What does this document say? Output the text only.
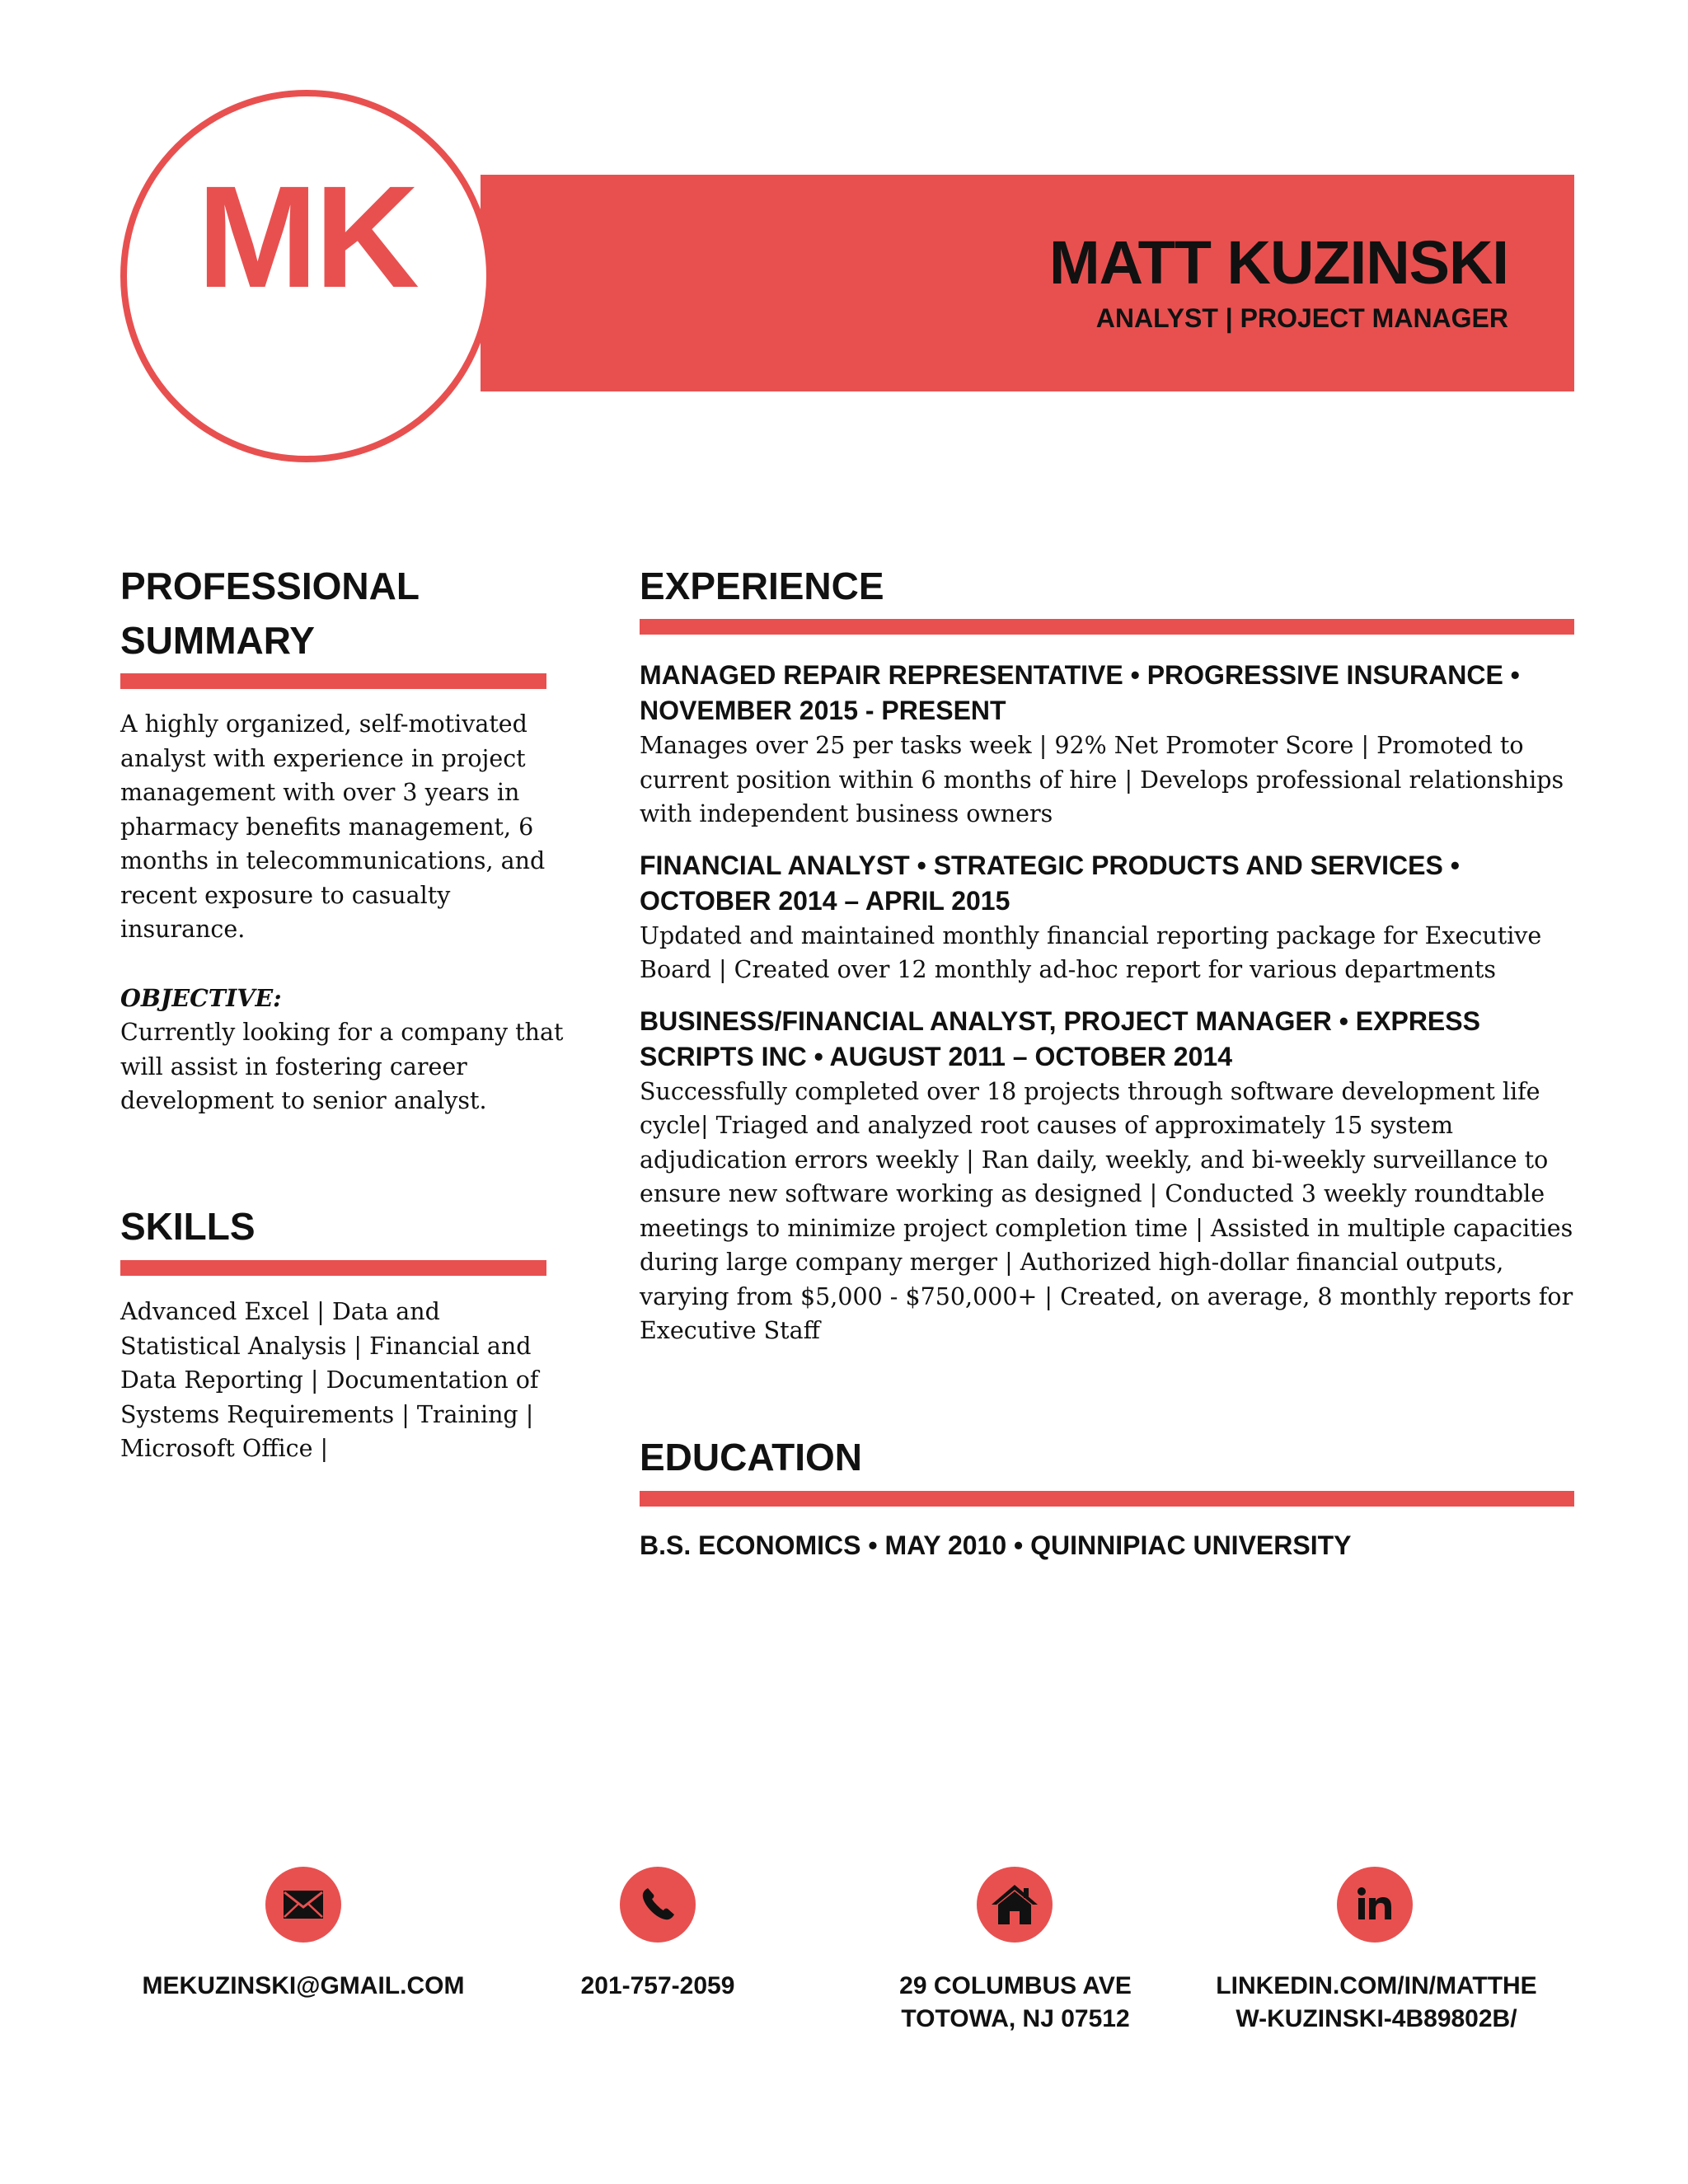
MK	MATT KUZINSKI
ANALYST | PROJECT MANAGER
PROFESSIONAL
SUMMARY
A highly organized, self-motivated analyst with experience in project management with over 3 years in pharmacy benefits management, 6 months in telecommunications, and recent exposure to casualty insurance.
OBJECTIVE:
Currently looking for a company that will assist in fostering career development to senior analyst.
SKILLS
Advanced Excel | Data and Statistical Analysis | Financial and Data Reporting | Documentation of Systems Requirements | Training | Microsoft Office |
EXPERIENCE
MANAGED REPAIR REPRESENTATIVE • PROGRESSIVE INSURANCE • NOVEMBER 2015 - PRESENT
Manages over 25 per tasks week | 92% Net Promoter Score | Promoted to current position within 6 months of hire | Develops professional relationships with independent business owners
FINANCIAL ANALYST • STRATEGIC PRODUCTS AND SERVICES • OCTOBER 2014 – APRIL 2015
Updated and maintained monthly financial reporting package for Executive Board | Created over 12 monthly ad-hoc report for various departments
BUSINESS/FINANCIAL ANALYST, PROJECT MANAGER • EXPRESS SCRIPTS INC • AUGUST 2011 – OCTOBER 2014
Successfully completed over 18 projects through software development life cycle| Triaged and analyzed root causes of approximately 15 system adjudication errors weekly | Ran daily, weekly, and bi-weekly surveillance to ensure new software working as designed | Conducted 3 weekly roundtable meetings to minimize project completion time | Assisted in multiple capacities during large company merger | Authorized high-dollar financial outputs, varying from $5,000 - $750,000+ | Created, on average, 8 monthly reports for Executive Staff
EDUCATION
B.S. ECONOMICS • MAY 2010 • QUINNIPIAC UNIVERSITY
MEKUZINSKI@GMAIL.COM	201-757-2059	29 COLUMBUS AVE
TOTOWA, NJ 07512
LINKEDIN.COM/IN/MATTHE
W-KUZINSKI-4B89802B/
